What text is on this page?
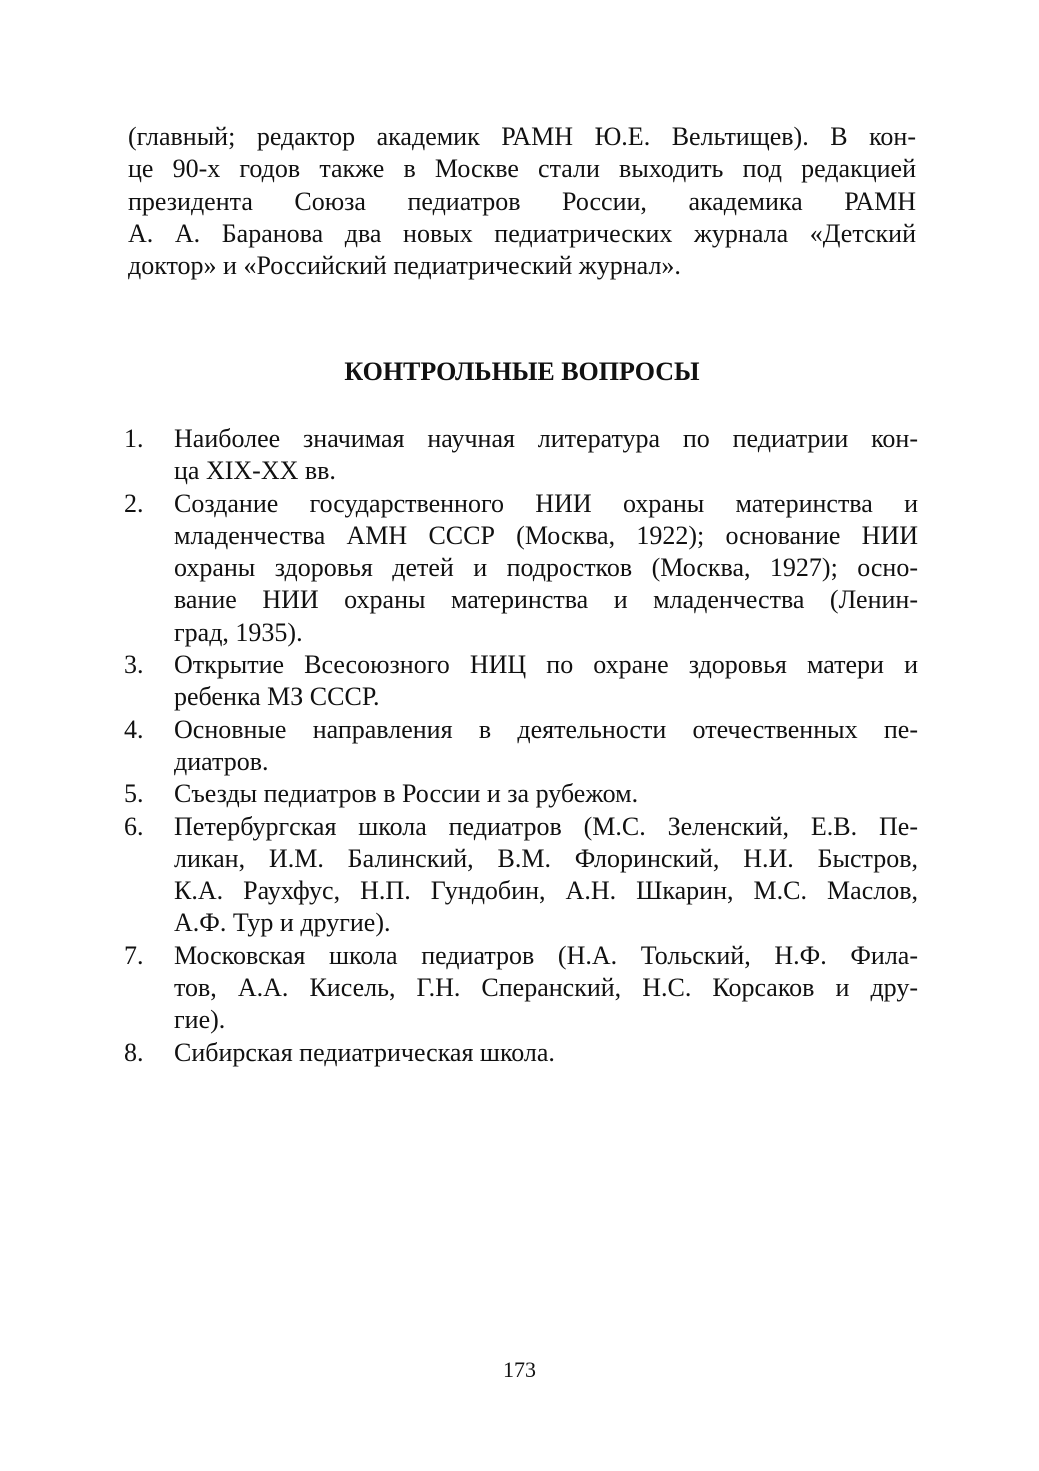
(главный; редактор академик РАМН Ю.Е. Вельтищев). В кон-
це 90-х годов также в Москве стали выходить под редакцией
президента Союза педиатров России, академика РАМН
А. А. Баранова два новых педиатрических журнала «Детский
доктор» и «Российский педиатрический журнал».
КОНТРОЛЬНЫЕ ВОПРОСЫ
1. Наиболее значимая научная литература по педиатрии кон-
ца XIX-XX вв.
2. Создание государственного НИИ охраны материнства и
младенчества АМН СССР (Москва, 1922); основание НИИ
охраны здоровья детей и подростков (Москва, 1927); осно-
вание НИИ охраны материнства и младенчества (Ленин-
град, 1935).
3. Открытие Всесоюзного НИЦ по охране здоровья матери и
ребенка МЗ СССР.
4. Основные направления в деятельности отечественных пе-
диатров.
5. Съезды педиатров в России и за рубежом.
6. Петербургская школа педиатров (М.С. Зеленский, Е.В. Пе-
ликан, И.М. Балинский, В.М. Флоринский, Н.И. Быстров,
К.А. Раухфус, Н.П. Гундобин, А.Н. Шкарин, М.С. Маслов,
А.Ф. Тур и другие).
7. Московская школа педиатров (Н.А. Тольский, Н.Ф. Фила-
тов, А.А. Кисель, Г.Н. Сперанский, Н.С. Корсаков и дру-
гие).
8. Сибирская педиатрическая школа.
173
